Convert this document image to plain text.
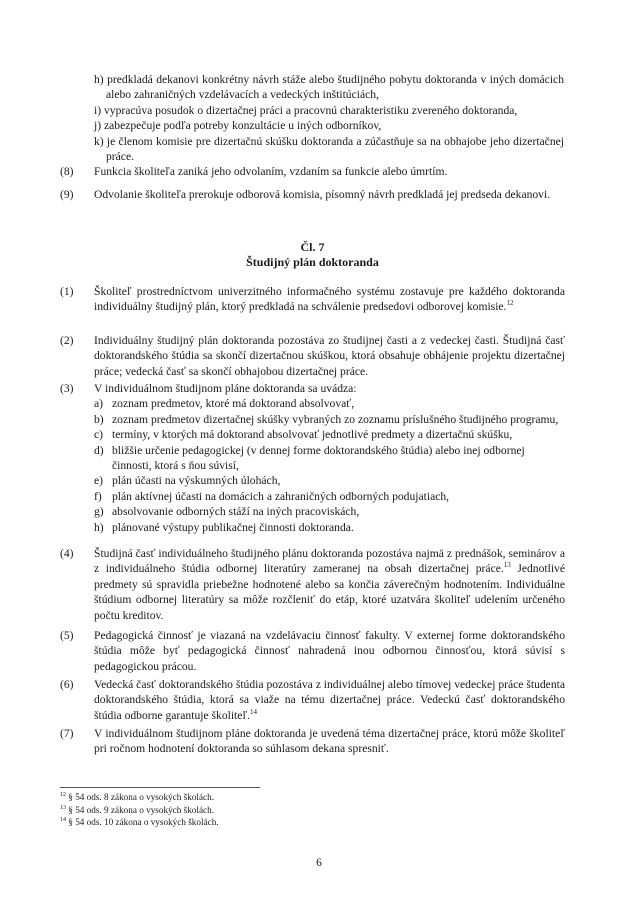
h) predkladá dekanovi konkrétny návrh stáže alebo študijného pobytu doktoranda v iných domácich alebo zahraničných vzdelávacích a vedeckých inštitúciách,
i) vypracúva posudok o dizertačnej práci a pracovnú charakteristiku zvereného doktoranda,
j) zabezpečuje podľa potreby konzultácie u iných odborníkov,
k) je členom komisie pre dizertačnú skúšku doktoranda a zúčastňuje sa na obhajobe jeho dizertačnej práce.
(8)	Funkcia školiteľa zaniká jeho odvolaním, vzdaním sa funkcie alebo úmrtím.
(9)	Odvolanie školiteľa prerokuje odborová komisia, písomný návrh predkladá jej predseda dekanovi.
Čl. 7
Študijný plán doktoranda
(1)	Školiteľ prostredníctvom univerzitného informačného systému zostavuje pre každého doktoranda individuálny študijný plán, ktorý predkladá na schválenie predsedovi odborovej komisie.$^{12}$
(2)	Individuálny študijný plán doktoranda pozostáva zo študijnej časti a z vedeckej časti. Študijná časť doktorandského štúdia sa skončí dizertačnou skúškou, ktorá obsahuje obhájenie projektu dizertačnej práce; vedecká časť sa skončí obhajobou dizertačnej práce.
(3)	V individuálnom študijnom pláne doktoranda sa uvádza:
a) zoznam predmetov, ktoré má doktorand absolvovať,
b) zoznam predmetov dizertačnej skúšky vybraných zo zoznamu príslušného študijného programu,
c) termíny, v ktorých má doktorand absolvovať jednotlivé predmety a dizertačnú skúšku,
d) bližšie určenie pedagogickej (v dennej forme doktorandského štúdia) alebo inej odbornej činnosti, ktorá s ňou súvisí,
e) plán účasti na výskumných úlohách,
f) plán aktívnej účasti na domácich a zahraničných odborných podujatiach,
g) absolvovanie odborných stáží na iných pracoviskách,
h) plánované výstupy publikačnej činnosti doktoranda.
(4)	Študijná časť individuálneho študijného plánu doktoranda pozostáva najmä z prednášok, seminárov a z individuálneho štúdia odbornej literatúry zameranej na obsah dizertačnej práce.$^{13}$ Jednotlivé predmety sú spravidla priebežne hodnotené alebo sa končia záverečným hodnotením. Individuálne štúdium odbornej literatúry sa môže rozčleniť do etáp, ktoré uzatvára školiteľ udelením určeného počtu kreditov.
(5)	Pedagogická činnosť je viazaná na vzdelávaciu činnosť fakulty. V externej forme doktorandského štúdia môže byť pedagogická činnosť nahradená inou odbornou činnosťou, ktorá súvisí s pedagogickou prácou.
(6)	Vedecká časť doktorandského štúdia pozostáva z individuálnej alebo tímovej vedeckej práce študenta doktorandského štúdia, ktorá sa viaže na tému dizertačnej práce. Vedeckú časť doktorandského štúdia odborne garantuje školiteľ.$^{14}$
(7)	V individuálnom študijnom pláne doktoranda je uvedená téma dizertačnej práce, ktorú môže školiteľ pri ročnom hodnotení doktoranda so súhlasom dekana spresniť.
$^{12}$ § 54 ods. 8 zákona o vysokých školách.
$^{13}$ § 54 ods. 9 zákona o vysokých školách.
$^{14}$ § 54 ods. 10 zákona o vysokých školách.
6
